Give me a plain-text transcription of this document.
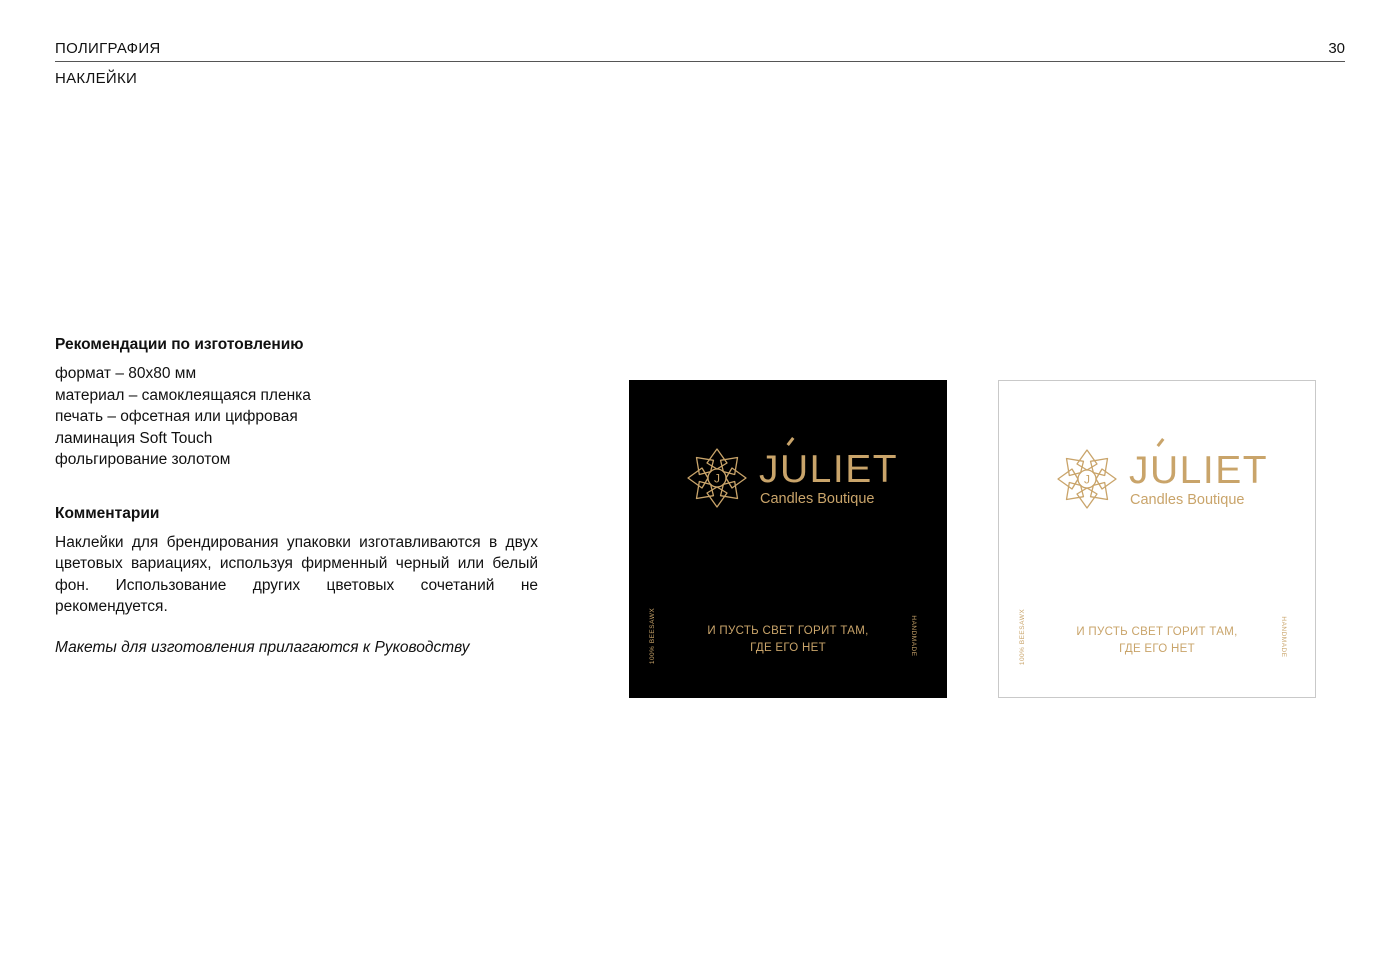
ПОЛИГРАФИЯ	30
НАКЛЕЙКИ
Рекомендации по изготовлению
формат – 80x80 мм
материал – самоклеящаяся пленка
печать – офсетная или цифровая
ламинация Soft Touch
фольгирование золотом
Комментарии

Наклейки для брендирования упаковки изготавливаются в двух цветовых вариациях, используя фирменный черный или белый фон. Использование других цветовых сочетаний не рекомендуется.

Макеты для изготовления прилагаются к Руководству
J JULIET
Candles Boutique
И ПУСТЬ СВЕТ ГОРИТ ТАМ,
ГДЕ ЕГО НЕТ
100% BEESAWX	HANDMADE
J JULIET
Candles Boutique
И ПУСТЬ СВЕТ ГОРИТ ТАМ,
ГДЕ ЕГО НЕТ
100% BEESAWX	HANDMADE
